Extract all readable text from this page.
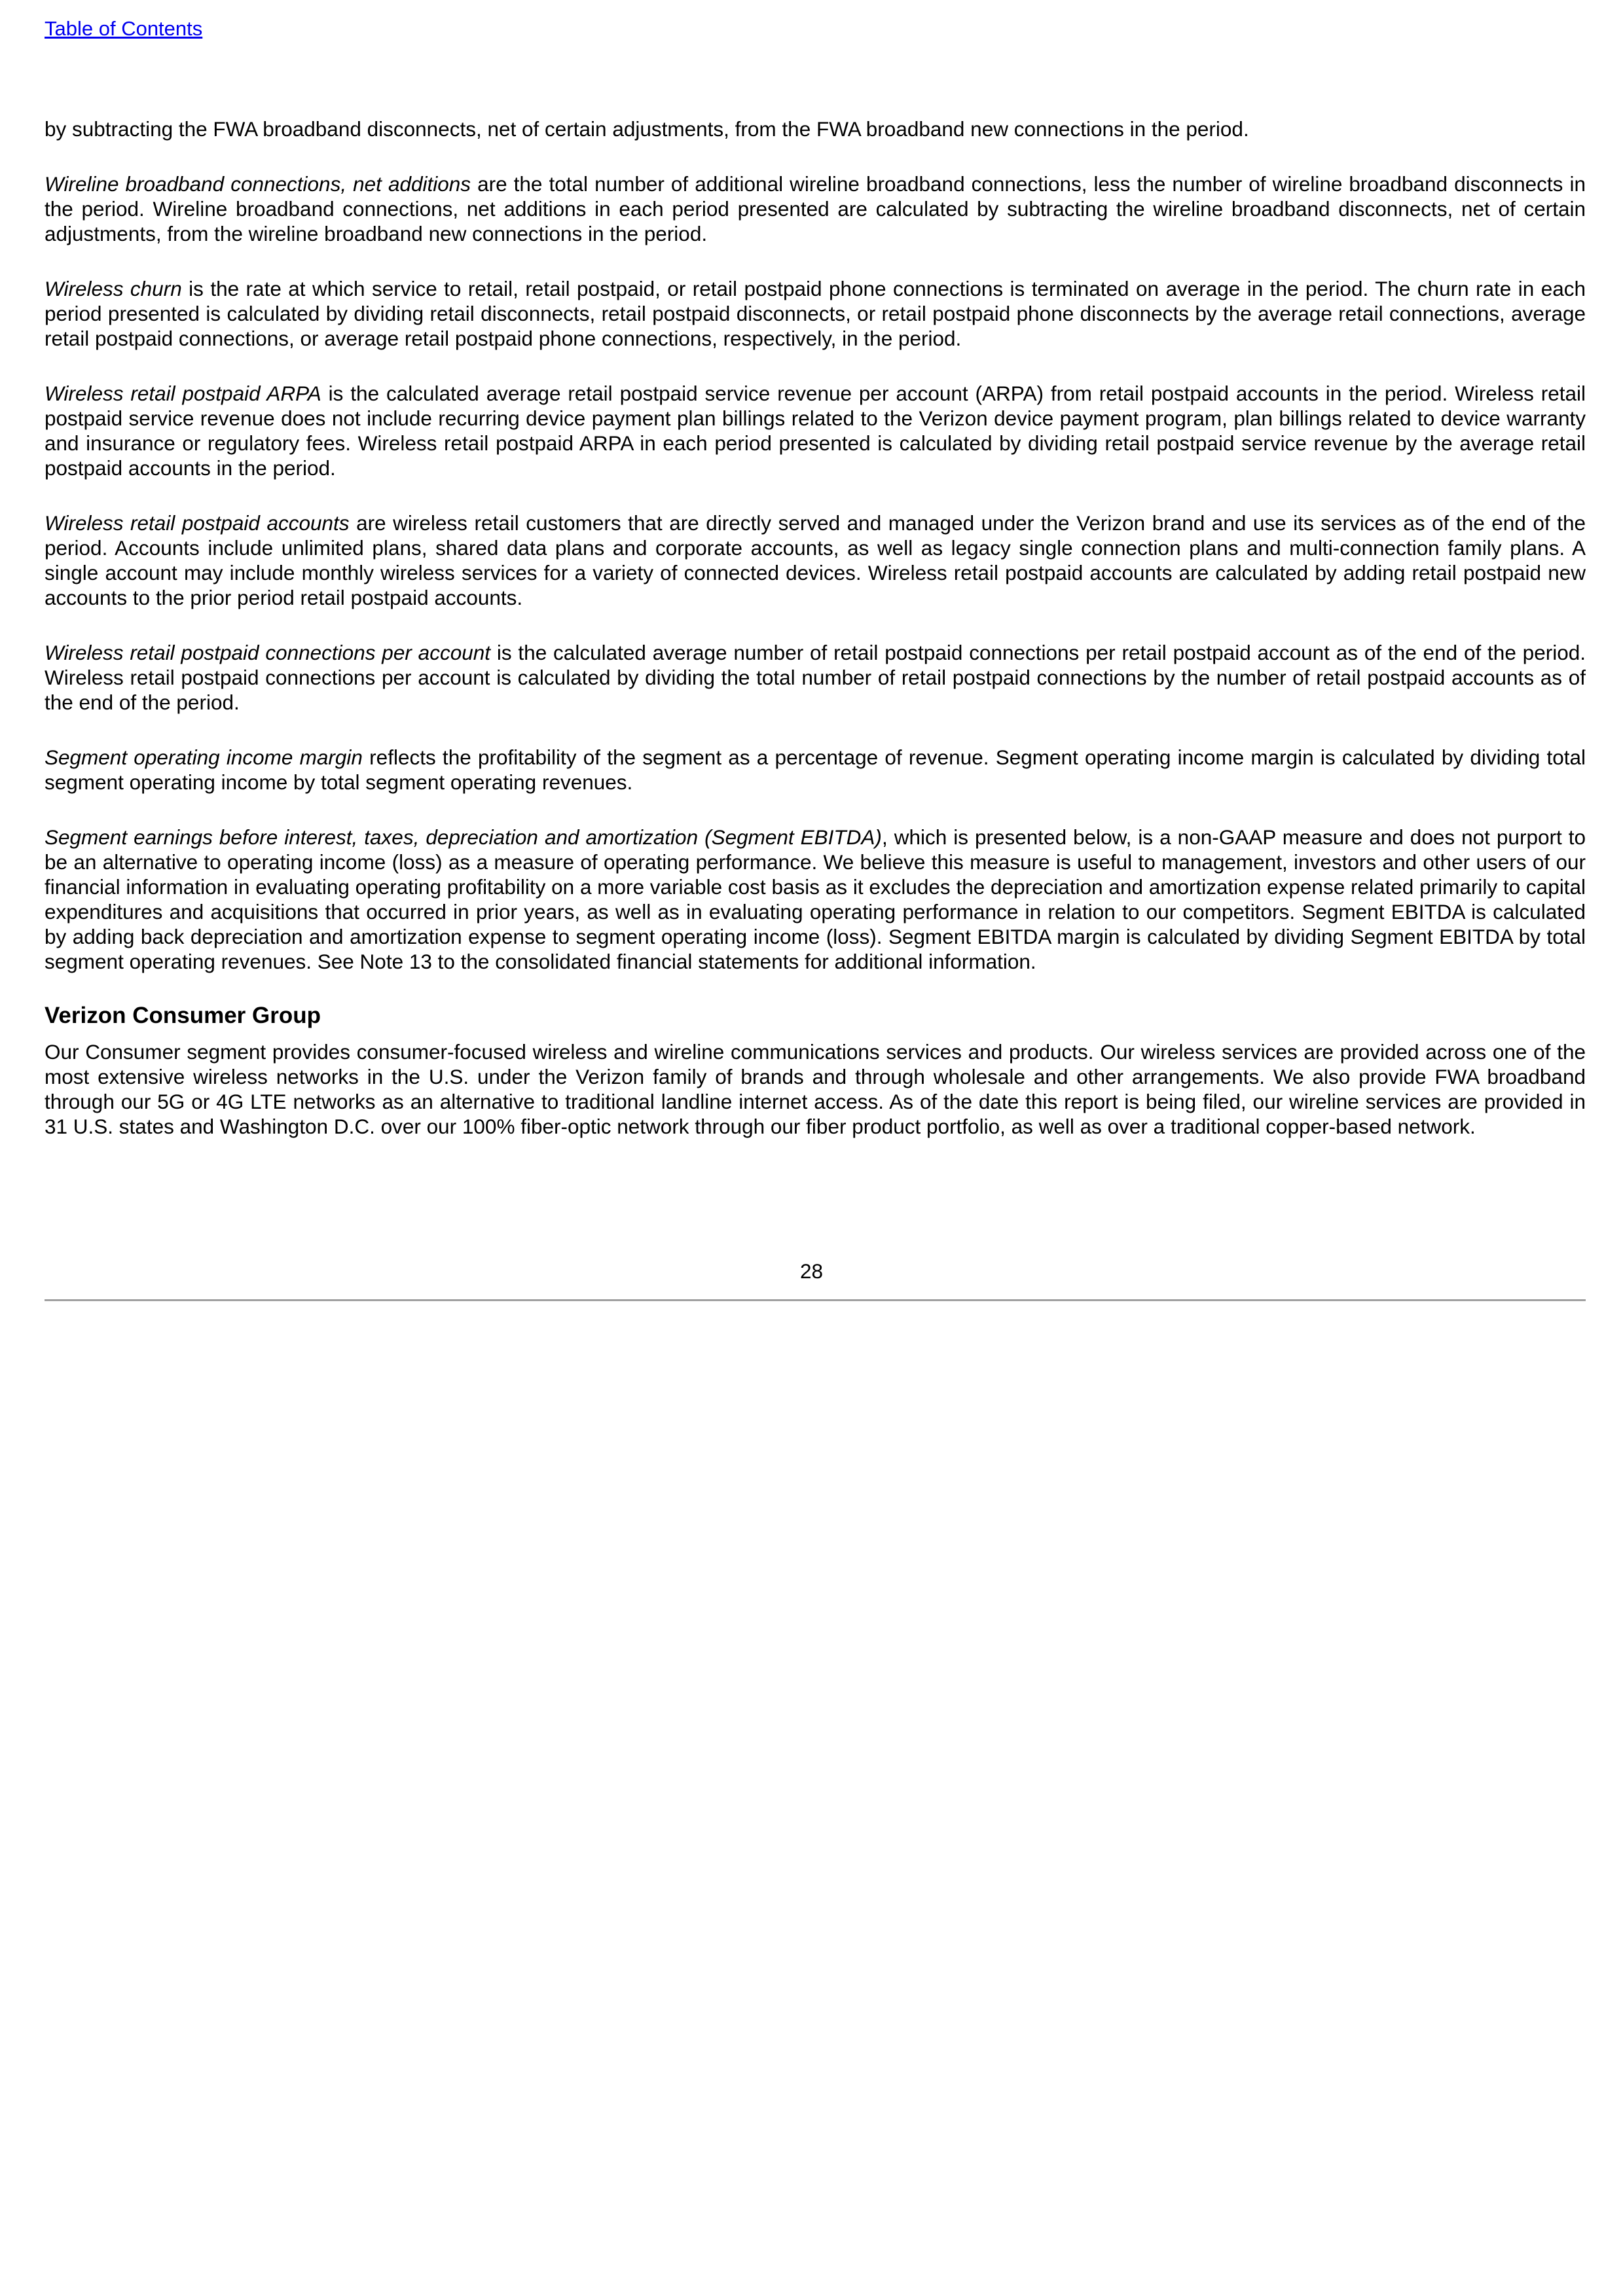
Table of Contents

by subtracting the FWA broadband disconnects, net of certain adjustments, from the FWA broadband new connections in the period.

Wireline broadband connections, net additions are the total number of additional wireline broadband connections, less the number of wireline broadband disconnects in the period. Wireline broadband connections, net additions in each period presented are calculated by subtracting the wireline broadband disconnects, net of certain adjustments, from the wireline broadband new connections in the period.

Wireless churn is the rate at which service to retail, retail postpaid, or retail postpaid phone connections is terminated on average in the period. The churn rate in each period presented is calculated by dividing retail disconnects, retail postpaid disconnects, or retail postpaid phone disconnects by the average retail connections, average retail postpaid connections, or average retail postpaid phone connections, respectively, in the period.

Wireless retail postpaid ARPA is the calculated average retail postpaid service revenue per account (ARPA) from retail postpaid accounts in the period. Wireless retail postpaid service revenue does not include recurring device payment plan billings related to the Verizon device payment program, plan billings related to device warranty and insurance or regulatory fees. Wireless retail postpaid ARPA in each period presented is calculated by dividing retail postpaid service revenue by the average retail postpaid accounts in the period.

Wireless retail postpaid accounts are wireless retail customers that are directly served and managed under the Verizon brand and use its services as of the end of the period. Accounts include unlimited plans, shared data plans and corporate accounts, as well as legacy single connection plans and multi-connection family plans. A single account may include monthly wireless services for a variety of connected devices. Wireless retail postpaid accounts are calculated by adding retail postpaid new accounts to the prior period retail postpaid accounts.

Wireless retail postpaid connections per account is the calculated average number of retail postpaid connections per retail postpaid account as of the end of the period. Wireless retail postpaid connections per account is calculated by dividing the total number of retail postpaid connections by the number of retail postpaid accounts as of the end of the period.

Segment operating income margin reflects the profitability of the segment as a percentage of revenue. Segment operating income margin is calculated by dividing total segment operating income by total segment operating revenues.

Segment earnings before interest, taxes, depreciation and amortization (Segment EBITDA), which is presented below, is a non-GAAP measure and does not purport to be an alternative to operating income (loss) as a measure of operating performance. We believe this measure is useful to management, investors and other users of our financial information in evaluating operating profitability on a more variable cost basis as it excludes the depreciation and amortization expense related primarily to capital expenditures and acquisitions that occurred in prior years, as well as in evaluating operating performance in relation to our competitors. Segment EBITDA is calculated by adding back depreciation and amortization expense to segment operating income (loss). Segment EBITDA margin is calculated by dividing Segment EBITDA by total segment operating revenues. See Note 13 to the consolidated financial statements for additional information.

Verizon Consumer Group

Our Consumer segment provides consumer-focused wireless and wireline communications services and products. Our wireless services are provided across one of the most extensive wireless networks in the U.S. under the Verizon family of brands and through wholesale and other arrangements. We also provide FWA broadband through our 5G or 4G LTE networks as an alternative to traditional landline internet access. As of the date this report is being filed, our wireline services are provided in 31 U.S. states and Washington D.C. over our 100% fiber-optic network through our fiber product portfolio, as well as over a traditional copper-based network.

28
